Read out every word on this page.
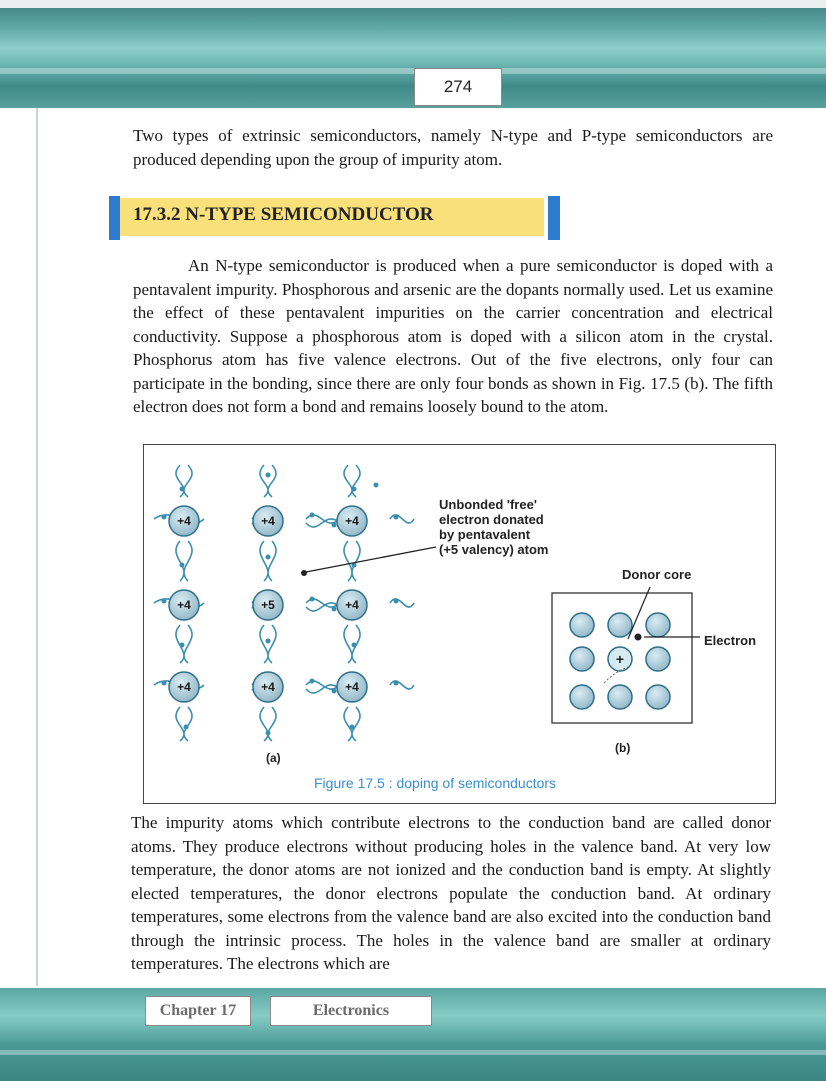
274

Two types of extrinsic semiconductors, namely N-type and P-type semiconductors are produced depending upon the group of impurity atom.

17.3.2 N-TYPE SEMICONDUCTOR

An N-type semiconductor is produced when a pure semiconductor is doped with a pentavalent impurity. Phosphorous and arsenic are the dopants normally used. Let us examine the effect of these pentavalent impurities on the carrier concentration and electrical conductivity. Suppose a phosphorous atom is doped with a silicon atom in the crystal. Phosphorus atom has five valence electrons. Out of the five electrons, only four can participate in the bonding, since there are only four bonds as shown in Fig. 17.5 (b). The fifth electron does not form a bond and remains loosely bound to the atom.

+4	+4	+4
+4	+5	+4
+4	+4	+4
+
Unbonded 'free'
electron donated
by pentavalent
(+5 valency) atom
Donor core
Electron
(a)
(b)
Figure 17.5 : doping of semiconductors

The impurity atoms which contribute electrons to the conduction band are called donor atoms. They produce electrons without producing holes in the valence band. At very low temperature, the donor atoms are not ionized and the conduction band is empty. At slightly elected temperatures, the donor electrons populate the conduction band. At ordinary temperatures, some electrons from the valence band are also excited into the conduction band through the intrinsic process. The holes in the valence band are smaller at ordinary temperatures. The electrons which are

Chapter 17	Electronics
